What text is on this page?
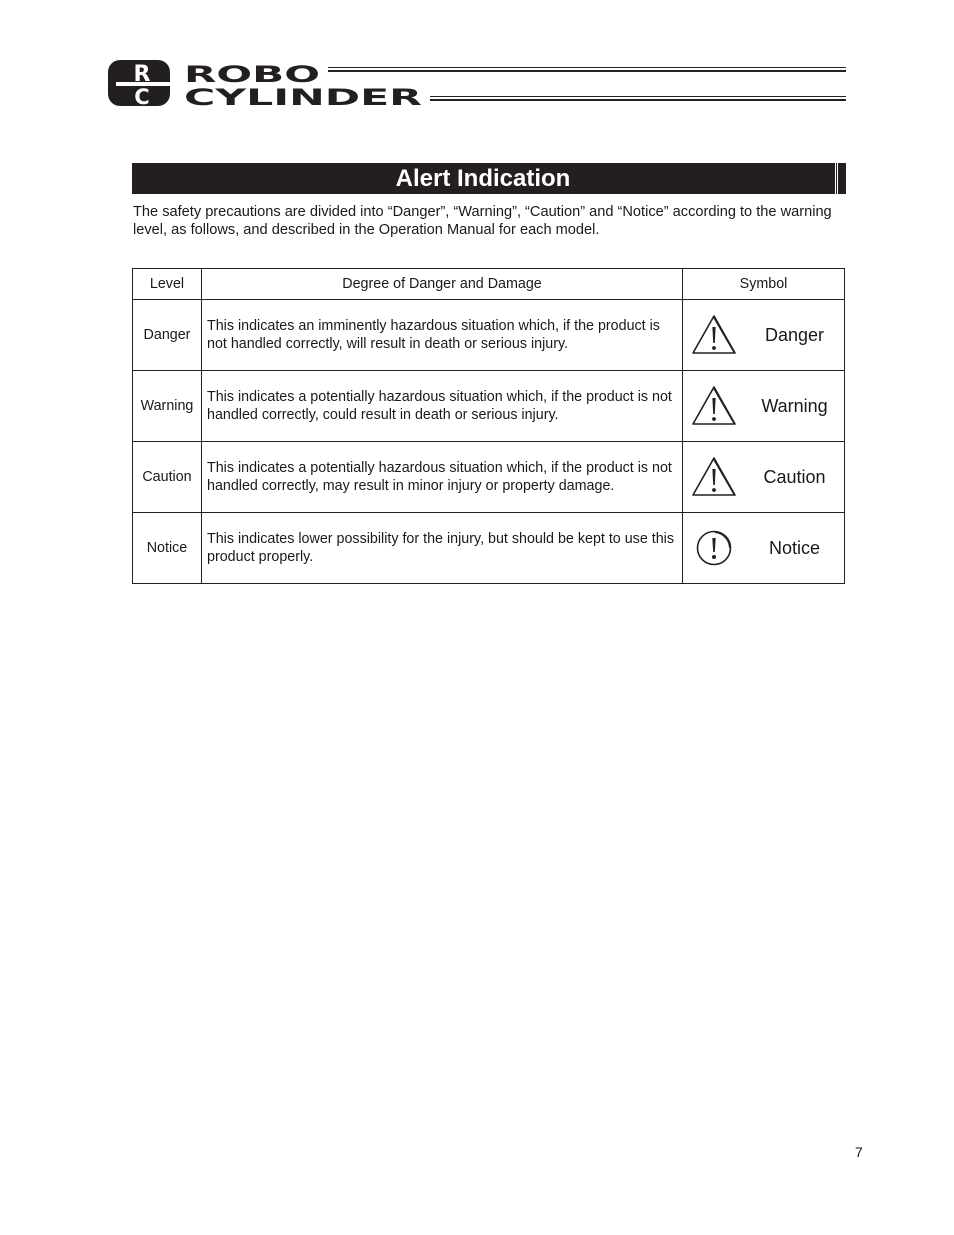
R
C
ROBO
CYLINDER
Alert Indication
The safety precautions are divided into “Danger”, “Warning”, “Caution” and “Notice” according to the warning level, as follows, and described in the Operation Manual for each model.
Level	Degree of Danger and Damage	Symbol
Danger	This indicates an imminently hazardous situation which, if the product is not handled correctly, will result in death or serious injury.	Danger

Warning	This indicates a potentially hazardous situation which, if the product is not handled correctly, could result in death or serious injury.	Warning

Caution	This indicates a potentially hazardous situation which, if the product is not handled correctly, may result in minor injury or property damage.	Caution

Notice	This indicates lower possibility for the injury, but should be kept to use this product properly.	Notice
7
